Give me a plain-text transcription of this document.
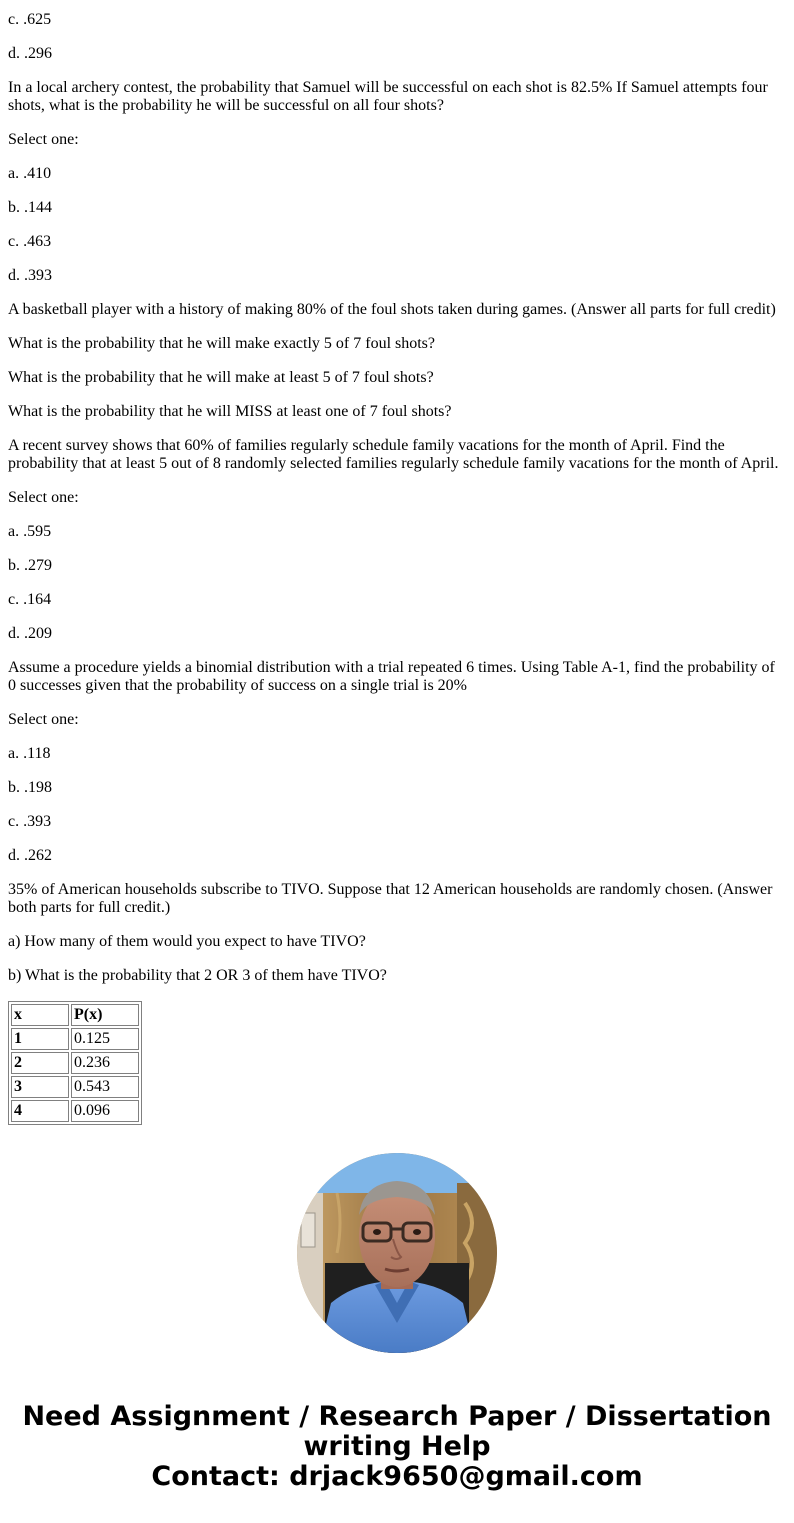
c. .625
d. .296
In a local archery contest, the probability that Samuel will be successful on each shot is 82.5% If Samuel attempts four shots, what is the probability he will be successful on all four shots?
Select one:
a. .410
b. .144
c. .463
d. .393
A basketball player with a history of making 80% of the foul shots taken during games. (Answer all parts for full credit)
What is the probability that he will make exactly 5 of 7 foul shots?
What is the probability that he will make at least 5 of 7 foul shots?
What is the probability that he will MISS at least one of 7 foul shots?
A recent survey shows that 60% of families regularly schedule family vacations for the month of April. Find the probability that at least 5 out of 8 randomly selected families regularly schedule family vacations for the month of April.
Select one:
a. .595
b. .279
c. .164
d. .209
Assume a procedure yields a binomial distribution with a trial repeated 6 times. Using Table A-1, find the probability of 0 successes given that the probability of success on a single trial is 20%
Select one:
a. .118
b. .198
c. .393
d. .262
35% of American households subscribe to TIVO. Suppose that 12 American households are randomly chosen. (Answer both parts for full credit.)
a) How many of them would you expect to have TIVO?
b) What is the probability that 2 OR 3 of them have TIVO?
x	P(x)
1	0.125
2	0.236
3	0.543
4	0.096
Need Assignment / Research Paper / Dissertation
writing Help
Contact: drjack9650@gmail.com
